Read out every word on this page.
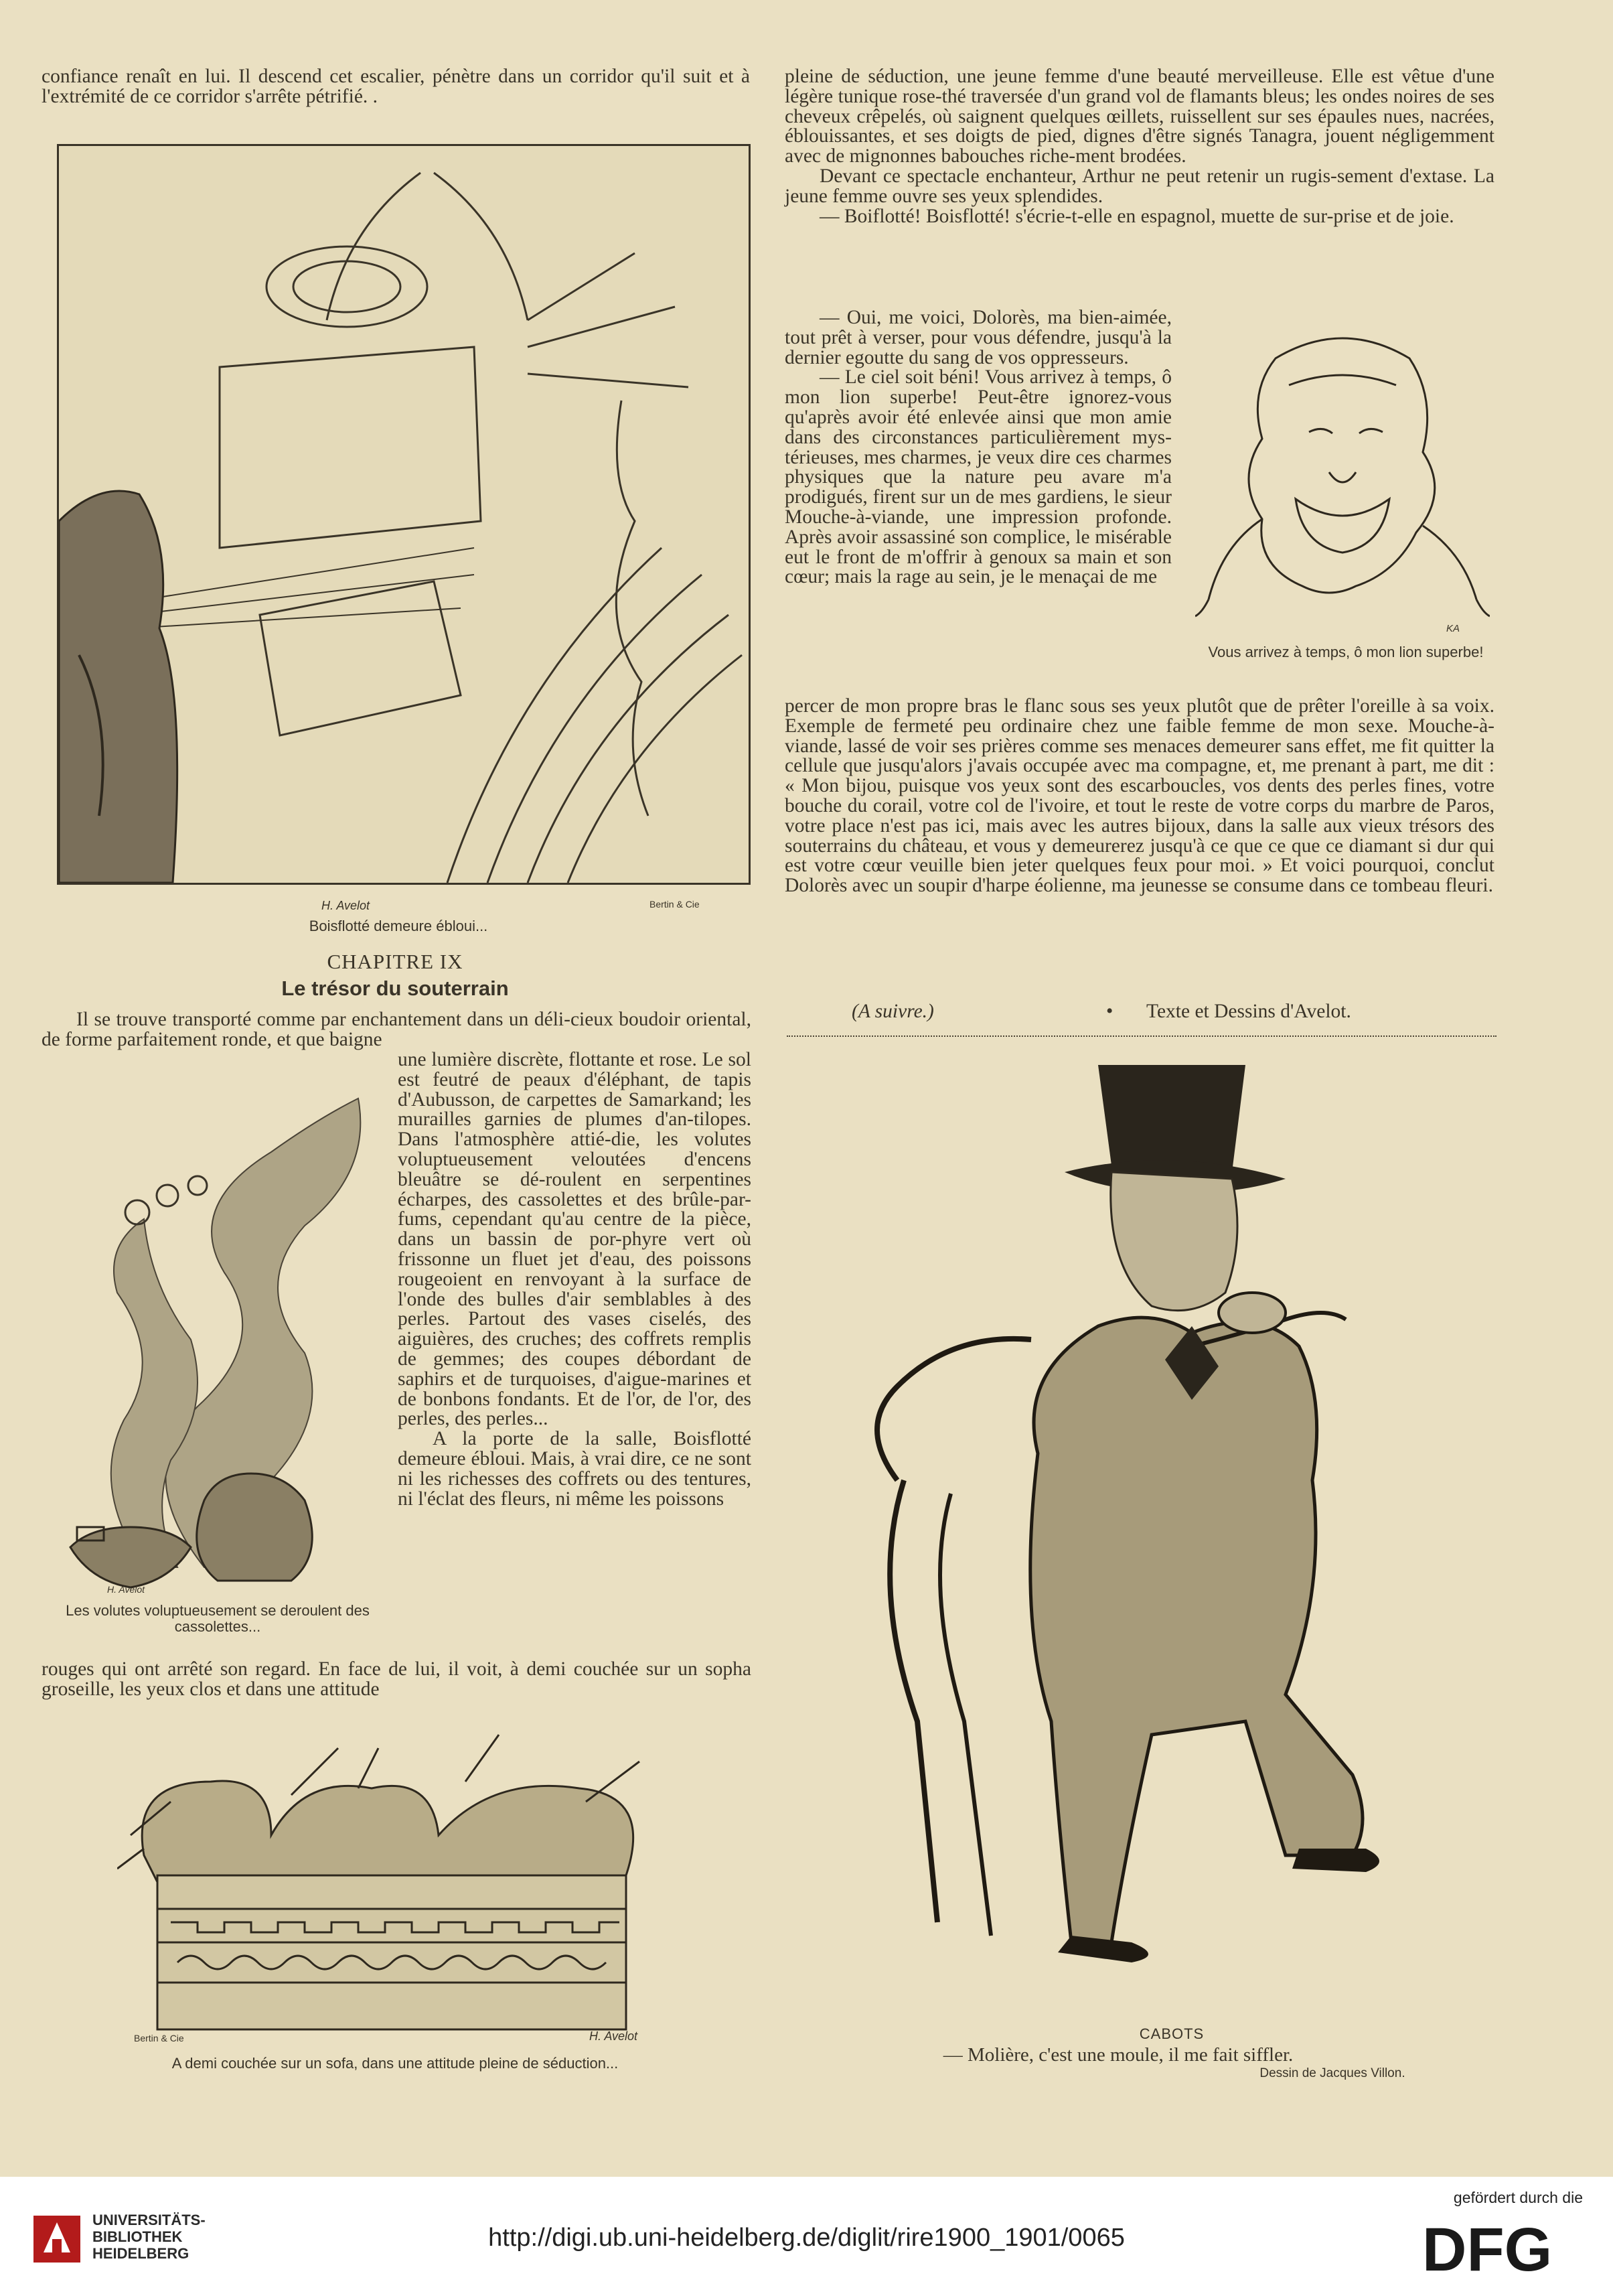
confiance renaît en lui. Il descend cet escalier, pénètre dans un corridor qu'il suit et à l'extrémité de ce corridor s'arrête pétrifié. .

H. Avelot	Bertin & Cie
Boisflotté demeure ébloui...
CHAPITRE IX
Le trésor du souterrain

Il se trouve transporté comme par enchantement dans un déli-cieux boudoir oriental, de forme parfaitement ronde, et que baigne

H. Avelot

une lumière discrète, flottante et rose. Le sol est feutré de peaux d'éléphant, de tapis d'Aubusson, de carpettes de Samarkand; les murailles garnies de plumes d'an-tilopes. Dans l'atmosphère attié-die, les volutes voluptueusement veloutées d'encens bleuâtre se dé-roulent en serpentines écharpes, des cassolettes et des brûle-par-fums, cependant qu'au centre de la pièce, dans un bassin de por-phyre vert où frissonne un fluet jet d'eau, des poissons rougeoient en renvoyant à la surface de l'onde des bulles d'air semblables à des perles. Partout des vases ciselés, des aiguières, des cruches; des coffrets remplis de gemmes; des coupes débordant de saphirs et de turquoises, d'aigue-marines et de bonbons fondants. Et de l'or, de l'or, des perles, des perles...

A la porte de la salle, Boisflotté demeure ébloui. Mais, à vrai dire, ce ne sont ni les richesses des coffrets ou des tentures, ni l'éclat des fleurs, ni même les poissons

Les volutes voluptueusement se deroulent des cassolettes...

rouges qui ont arrêté son regard. En face de lui, il voit, à demi couchée sur un sopha groseille, les yeux clos et dans une attitude

Bertin & Cie	H. Avelot
A demi couchée sur un sofa, dans une attitude pleine de séduction...

pleine de séduction, une jeune femme d'une beauté merveilleuse. Elle est vêtue d'une légère tunique rose-thé traversée d'un grand vol de flamants bleus; les ondes noires de ses cheveux crêpelés, où saignent quelques œillets, ruissellent sur ses épaules nues, nacrées, éblouissantes, et ses doigts de pied, dignes d'être signés Tanagra, jouent négligemment avec de mignonnes babouches riche-ment brodées.

Devant ce spectacle enchanteur, Arthur ne peut retenir un rugis-sement d'extase. La jeune femme ouvre ses yeux splendides.

— Boiflotté! Boisflotté! s'écrie-t-elle en espagnol, muette de sur-prise et de joie.

— Oui, me voici, Dolorès, ma bien-aimée, tout prêt à verser, pour vous défendre, jusqu'à la dernier egoutte du sang de vos oppresseurs.

— Le ciel soit béni! Vous arrivez à temps, ô mon lion superbe! Peut-être ignorez-vous qu'après avoir été enlevée ainsi que mon amie dans des circonstances particulièrement mys-térieuses, mes charmes, je veux dire ces charmes physiques que la nature peu avare m'a prodigués, firent sur un de mes gardiens, le sieur Mouche-à-viande, une impression profonde. Après avoir assassiné son complice, le misérable eut le front de m'offrir à genoux sa main et son cœur; mais la rage au sein, je le menaçai de me

KA
Vous arrivez à temps, ô mon lion superbe!

percer de mon propre bras le flanc sous ses yeux plutôt que de prêter l'oreille à sa voix. Exemple de fermeté peu ordinaire chez une faible femme de mon sexe. Mouche-à-viande, lassé de voir ses prières comme ses menaces demeurer sans effet, me fit quitter la cellule que jusqu'alors j'avais occupée avec ma compagne, et, me prenant à part, me dit : « Mon bijou, puisque vos yeux sont des escarboucles, vos dents des perles fines, votre bouche du corail, votre col de l'ivoire, et tout le reste de votre corps du marbre de Paros, votre place n'est pas ici, mais avec les autres bijoux, dans la salle aux vieux trésors des souterrains du château, et vous y demeurerez jusqu'à ce que ce que ce diamant si dur qui est votre cœur veuille bien jeter quelques feux pour moi. » Et voici pourquoi, conclut Dolorès avec un soupir d'harpe éolienne, ma jeunesse se consume dans ce tombeau fleuri.

(A suivre.)	• Texte et Dessins d'Avelot.
CABOTS
— Molière, c'est une moule, il me fait siffler.
Dessin de Jacques Villon.
UNIVERSITÄTS-
BIBLIOTHEK
HEIDELBERG
http://digi.ub.uni-heidelberg.de/diglit/rire1900_1901/0065
gefördert durch die
DFG
